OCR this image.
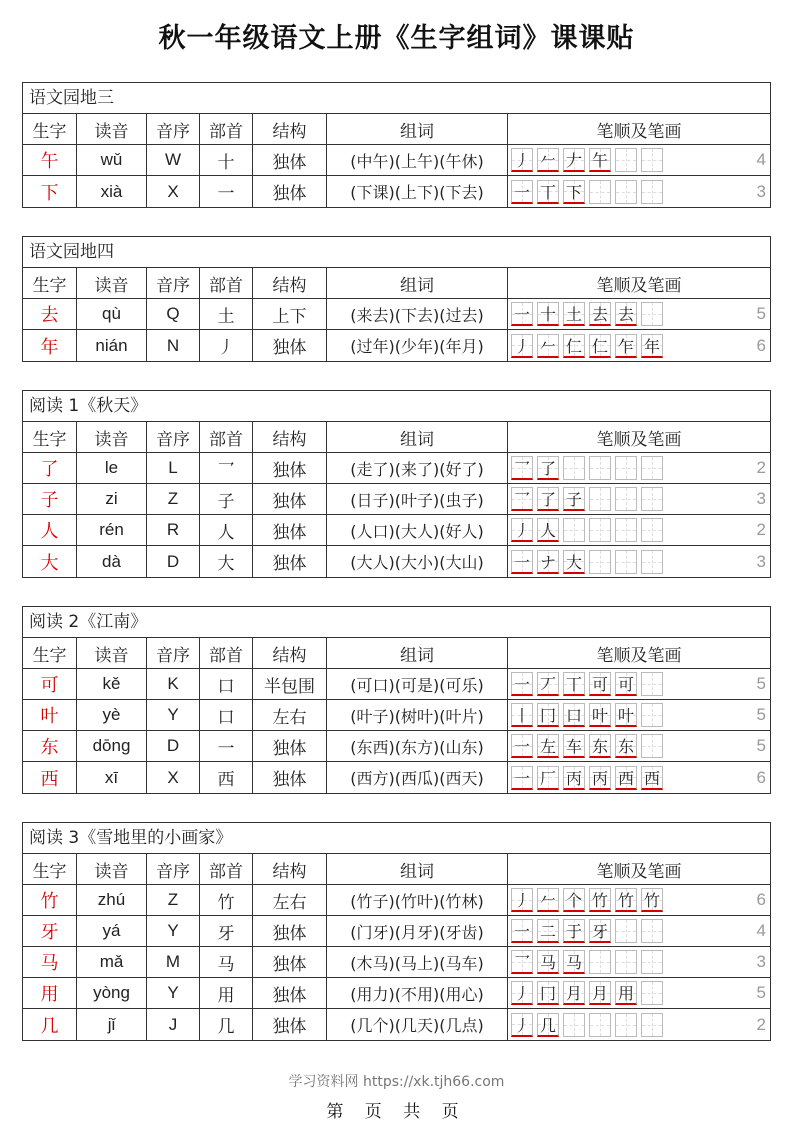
秋一年级语文上册《生字组词》课课贴
语文园地三
生字	读音	音序	部首	结构	组词	笔顺及笔画
午	wǔ	W	十	独体	(中午)(上午)(午休)	丿 𠂉 𠂇 午	4
下	xià	X	一	独体	(下课)(上下)(下去)	一 丅 下	3
语文园地四
生字	读音	音序	部首	结构	组词	笔顺及笔画
去	qù	Q	土	上下	(来去)(下去)(过去)	一 十 土 去 去	5
年	nián	N	丿	独体	(过年)(少年)(年月)	丿 𠂉 仁 仁 乍 年	6
阅读 1《秋天》
生字	读音	音序	部首	结构	组词	笔顺及笔画
了	le	L	乛	独体	(走了)(来了)(好了)	乛 了	2
子	zi	Z	子	独体	(日子)(叶子)(虫子)	乛 了 子	3
人	rén	R	人	独体	(人口)(大人)(好人)	丿 人	2
大	dà	D	大	独体	(大人)(大小)(大山)	一 ナ 大	3
阅读 2《江南》
生字	读音	音序	部首	结构	组词	笔顺及笔画
可	kě	K	口	半包围	(可口)(可是)(可乐)	一 丆 丅 可 可	5
叶	yè	Y	口	左右	(叶子)(树叶)(叶片)	丨 冂 口 叶 叶	5
东	dōng	D	一	独体	(东西)(东方)(山东)	一 左 车 东 东	5
西	xī	X	西	独体	(西方)(西瓜)(西天)	一 厂 丙 丙 西 西	6
阅读 3《雪地里的小画家》
生字	读音	音序	部首	结构	组词	笔顺及笔画
竹	zhú	Z	竹	左右	(竹子)(竹叶)(竹林)	丿 𠂉 个 竹 竹 竹	6
牙	yá	Y	牙	独体	(门牙)(月牙)(牙齿)	一 二 于 牙	4
马	mǎ	M	马	独体	(木马)(马上)(马车)	乛 马 马	3
用	yòng	Y	用	独体	(用力)(不用)(用心)	丿 冂 月 月 用	5
几	jǐ	J	几	独体	(几个)(几天)(几点)	丿 几	2
学习资料网 https://xk.tjh66.com
第 页 共 页
